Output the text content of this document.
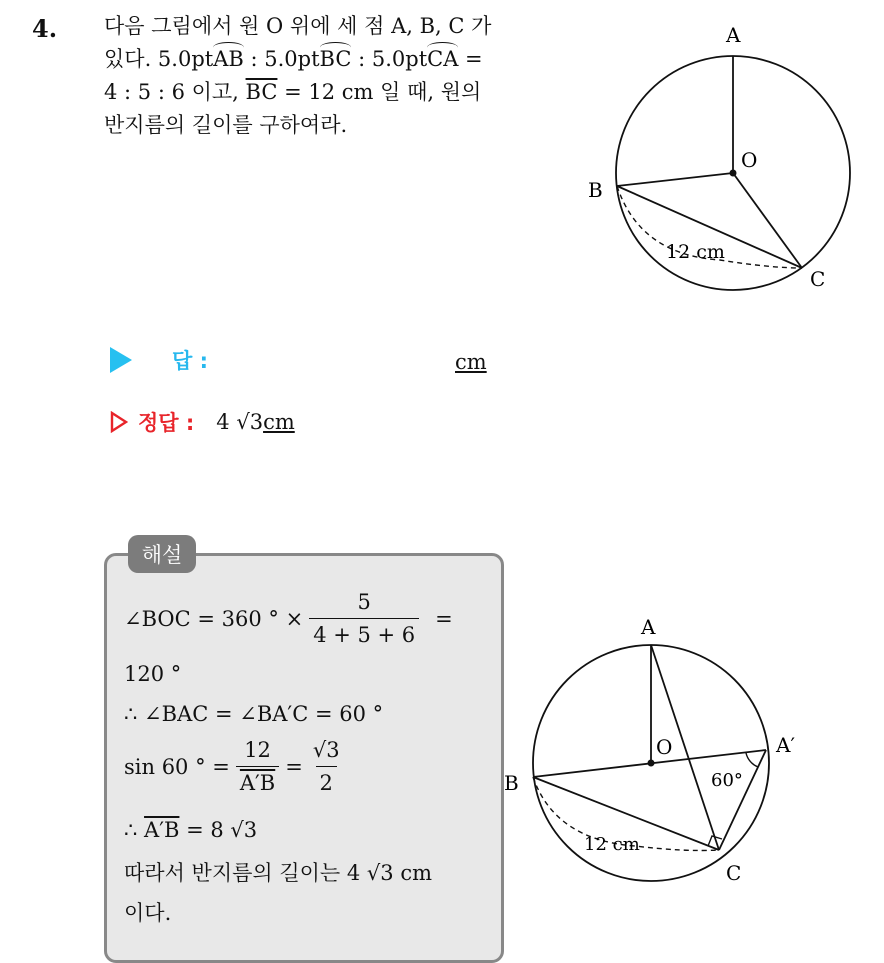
4. 다음 그림에서 원 O 위에 세 점 A, B, C 가
있다. 5.0ptAB : 5.0ptBC : 5.0ptCA =
4 : 5 : 6 이고, $\overline{BC} = 12$ cm 일 때, 원의
반지름의 길이를 구하여라.
A
O
B
C
12 cm
답 :	cm
정답 : 4 √3 cm
해설
∠BOC = 360 ° × $\frac{5}{4 + 5 + 6}$ =
120 °
∴ ∠BAC = ∠BA′C = 60 °
sin 60 ° = $\frac{12}{A'B} = \frac{√3}{2}$
∴ A′B = 8 √3
따라서 반지름의 길이는 4 √3 cm
이다.
A
O	A′
B
C
60°
12 cm
